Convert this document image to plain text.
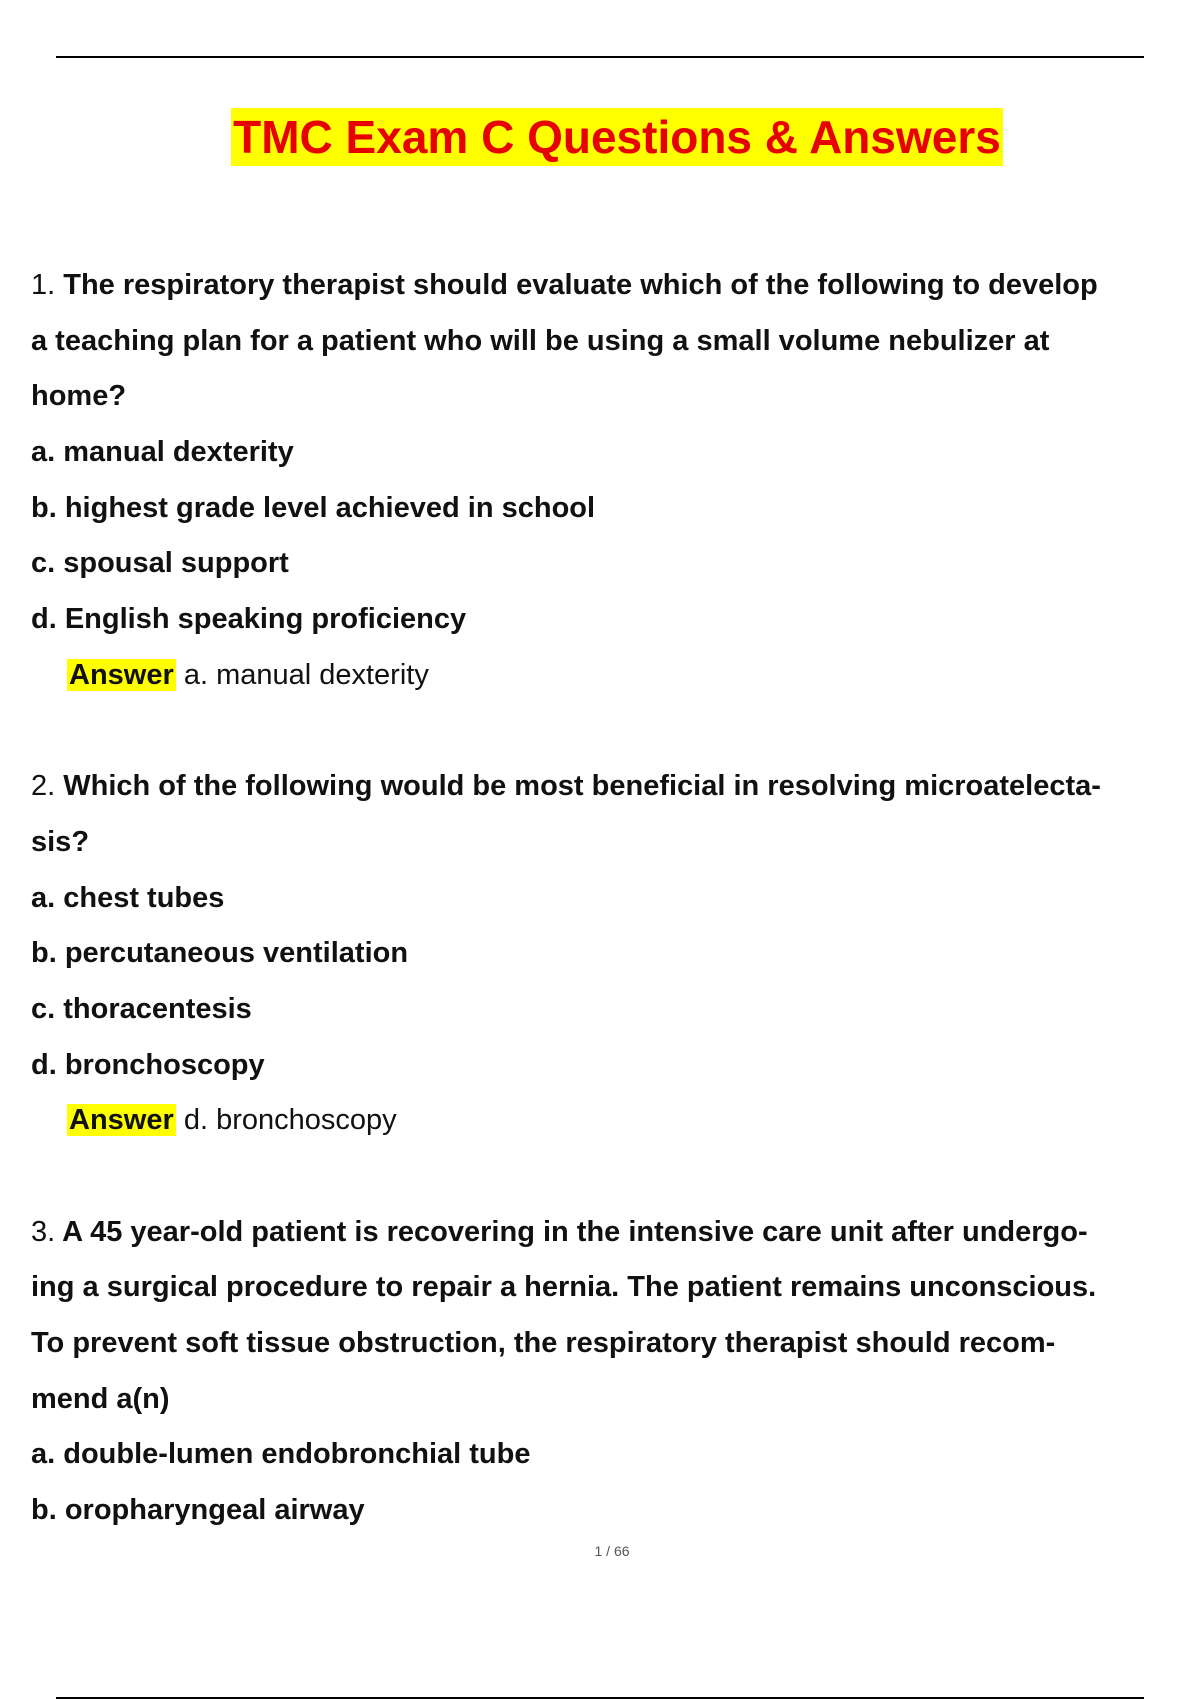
TMC Exam C Questions & Answers
1. The respiratory therapist should evaluate which of the following to develop
a teaching plan for a patient who will be using a small volume nebulizer at
home?
a. manual dexterity
b. highest grade level achieved in school
c. spousal support
d. English speaking proficiency
Answer a. manual dexterity
2. Which of the following would be most beneficial in resolving microatelecta-
sis?
a. chest tubes
b. percutaneous ventilation
c. thoracentesis
d. bronchoscopy
Answer d. bronchoscopy
3. A 45 year-old patient is recovering in the intensive care unit after undergo-
ing a surgical procedure to repair a hernia. The patient remains unconscious.
To prevent soft tissue obstruction, the respiratory therapist should recom-
mend a(n)
a. double-lumen endobronchial tube
b. oropharyngeal airway
1 / 66
